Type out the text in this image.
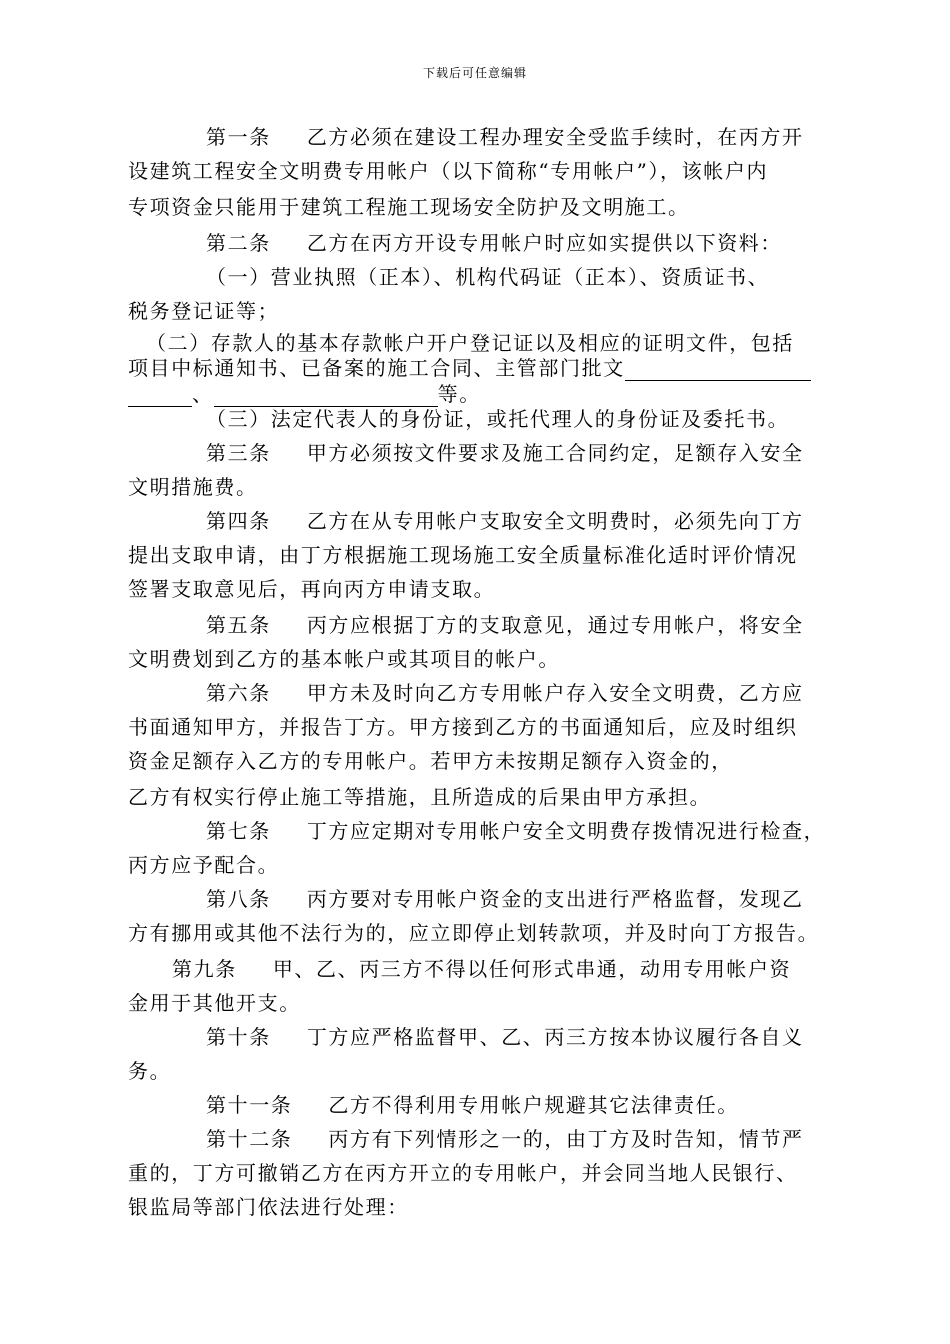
下载后可任意编辑
第一条 乙方必须在建设工程办理安全受监手续时，在丙方开
设建筑工程安全文明费专用帐户（以下简称“专用帐户”），该帐户内
专项资金只能用于建筑工程施工现场安全防护及文明施工。
第二条 乙方在丙方开设专用帐户时应如实提供以下资料：
（一）营业执照（正本）、机构代码证（正本）、资质证书、
税务登记证等；
（二）存款人的基本存款帐户开户登记证以及相应的证明文件，包括
项目中标通知书、已备案的施工合同、主管部门批文
、	等。
（三）法定代表人的身份证，或托代理人的身份证及委托书。
第三条 甲方必须按文件要求及施工合同约定，足额存入安全
文明措施费。
第四条 乙方在从专用帐户支取安全文明费时，必须先向丁方
提出支取申请，由丁方根据施工现场施工安全质量标准化适时评价情况
签署支取意见后，再向丙方申请支取。
第五条 丙方应根据丁方的支取意见，通过专用帐户，将安全
文明费划到乙方的基本帐户或其项目的帐户。
第六条 甲方未及时向乙方专用帐户存入安全文明费，乙方应
书面通知甲方，并报告丁方。甲方接到乙方的书面通知后，应及时组织
资金足额存入乙方的专用帐户。若甲方未按期足额存入资金的，
乙方有权实行停止施工等措施，且所造成的后果由甲方承担。
第七条 丁方应定期对专用帐户安全文明费存拨情况进行检查，
丙方应予配合。
第八条 丙方要对专用帐户资金的支出进行严格监督，发现乙
方有挪用或其他不法行为的，应立即停止划转款项，并及时向丁方报告。
第九条 甲、乙、丙三方不得以任何形式串通，动用专用帐户资
金用于其他开支。
第十条 丁方应严格监督甲、乙、丙三方按本协议履行各自义
务。
第十一条 乙方不得利用专用帐户规避其它法律责任。
第十二条 丙方有下列情形之一的，由丁方及时告知，情节严
重的，丁方可撤销乙方在丙方开立的专用帐户，并会同当地人民银行、
银监局等部门依法进行处理：
